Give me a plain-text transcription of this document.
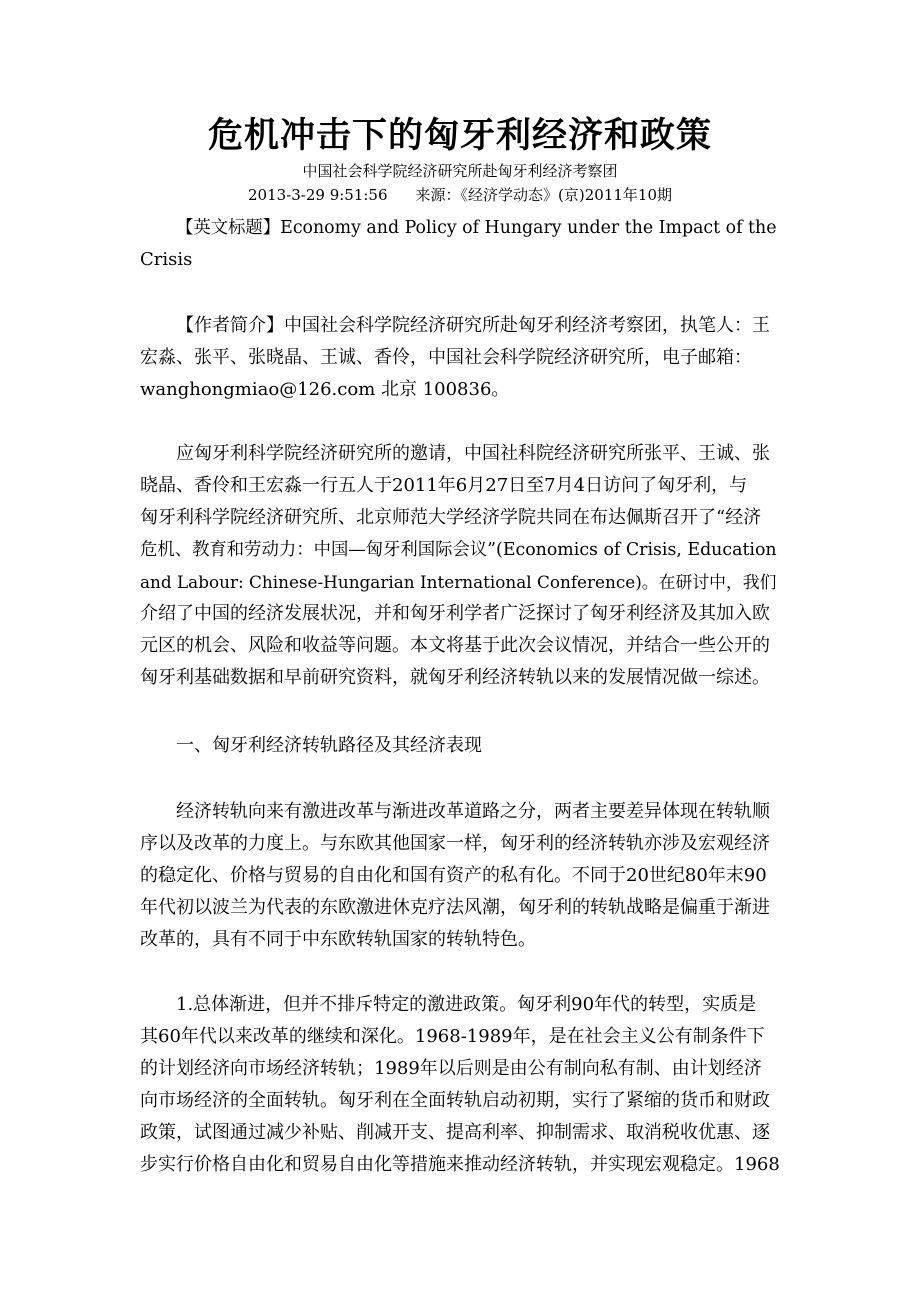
危机冲击下的匈牙利经济和政策
中国社会科学院经济研究所赴匈牙利经济考察团
2013-3-29 9:51:56 来源：《经济学动态》(京)2011年10期
【英文标题】Economy and Policy of Hungary under the Impact of the
Crisis
【作者简介】中国社会科学院经济研究所赴匈牙利经济考察团，执笔人：王
宏淼、张平、张晓晶、王诚、香伶，中国社会科学院经济研究所，电子邮箱：
wanghongmiao@126.com 北京 100836。
应匈牙利科学院经济研究所的邀请，中国社科院经济研究所张平、王诚、张
晓晶、香伶和王宏淼一行五人于2011年6月27日至7月4日访问了匈牙利，与
匈牙利科学院经济研究所、北京师范大学经济学院共同在布达佩斯召开了“经济
危机、教育和劳动力：中国—匈牙利国际会议”(Economics of Crisis, Education
and Labour: Chinese-Hungarian International Conference)。在研讨中，我们
介绍了中国的经济发展状况，并和匈牙利学者广泛探讨了匈牙利经济及其加入欧
元区的机会、风险和收益等问题。本文将基于此次会议情况，并结合一些公开的
匈牙利基础数据和早前研究资料，就匈牙利经济转轨以来的发展情况做一综述。
一、匈牙利经济转轨路径及其经济表现
经济转轨向来有激进改革与渐进改革道路之分，两者主要差异体现在转轨顺
序以及改革的力度上。与东欧其他国家一样，匈牙利的经济转轨亦涉及宏观经济
的稳定化、价格与贸易的自由化和国有资产的私有化。不同于20世纪80年末90
年代初以波兰为代表的东欧激进休克疗法风潮，匈牙利的转轨战略是偏重于渐进
改革的，具有不同于中东欧转轨国家的转轨特色。
1.总体渐进，但并不排斥特定的激进政策。匈牙利90年代的转型，实质是
其60年代以来改革的继续和深化。1968-1989年，是在社会主义公有制条件下
的计划经济向市场经济转轨；1989年以后则是由公有制向私有制、由计划经济
向市场经济的全面转轨。匈牙利在全面转轨启动初期，实行了紧缩的货币和财政
政策，试图通过减少补贴、削减开支、提高利率、抑制需求、取消税收优惠、逐
步实行价格自由化和贸易自由化等措施来推动经济转轨，并实现宏观稳定。1968
